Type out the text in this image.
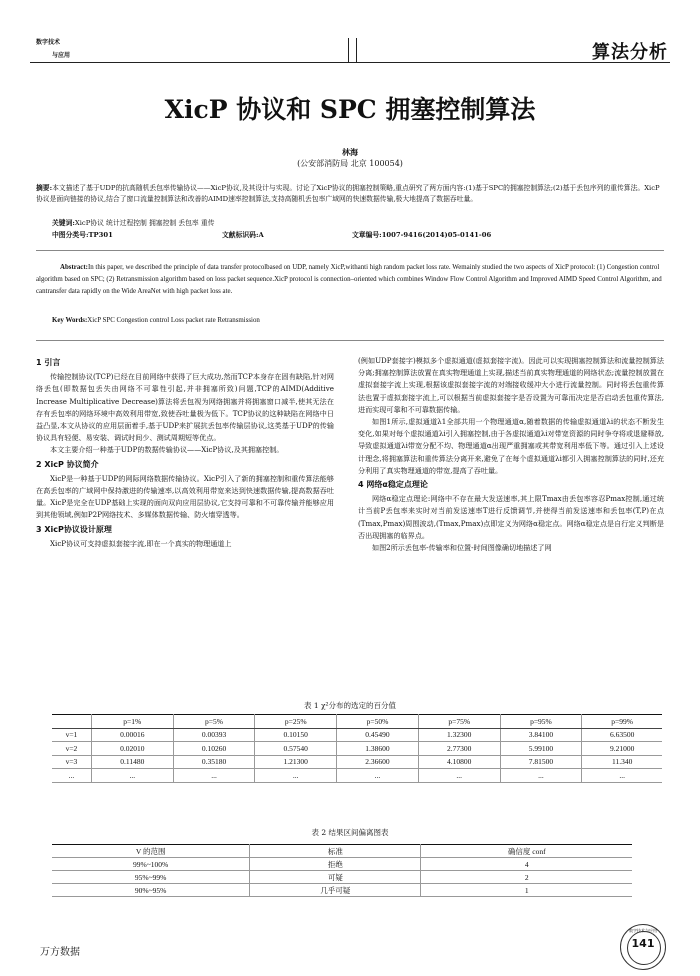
数字技术
与应用	算法分析
XicP 协议和 SPC 拥塞控制算法
林海
(公安部消防局 北京 100054)
摘要:本文描述了基于UDP的抗高随机丢包率传输协议——XicP协议,及其设计与实现。讨论了XicP协议的拥塞控制策略,重点研究了两方面内容:(1)基于SPC的拥塞控制算法;(2)基于丢包序列的重传算法。XicP协议是面向链接的协议,结合了窗口流量控制算法和改善的AIMD速率控制算法,支持高随机丢包率广域网的快速数据传输,极大地提高了数据吞吐量。
关键词:XicP协议 统计过程控制 拥塞控制 丢包率 重传
中图分类号:TP301	文献标识码:A	文章编号:1007-9416(2014)05-0141-06
Abstract:In this paper, we described the principle of data transfer protocolbased on UDP, namely XicP,withanti high random packet loss rate. Wemainly studied the two aspects of XicP protocol: (1) Congestion control algorithm based on SPC; (2) Retransmission algorithm based on loss packet sequence.XicP protocol is connection–oriented which combines Window Flow Control Algorithm and Improved AIMD Speed Control Algorithm, and cantransfer data rapidly on the Wide AreaNet with high packet loss ate.
Key Words:XicP SPC Congestion control Loss packet rate Retransmission
1 引言

传输控制协议(TCP)已经在目前网络中获得了巨大成功,然而TCP本身存在固有缺陷,针对网络丢包(即数据包丢失由网络不可靠性引起,并非拥塞所致)问题,TCP的AIMD(Additive Increase Multiplicative Decrease)算法将丢包视为网络拥塞并将拥塞窗口减半,使其无法在存有丢包率的网络环境中高效利用带宽,致使吞吐量极为低下。TCP协议的这种缺陷在网络中日益凸显,本文从协议的应用层面着手,基于UDP来扩展抗丢包率传输层协议,这类基于UDP的传输协议具有轻便、易安装、调试时间少、测试周期短等优点。

本文主要介绍一种基于UDP的数据传输协议——XicP协议,及其拥塞控制。

2 XicP 协议简介

XicP是一种基于UDP的网际网络数据传输协议。XicP引入了新的拥塞控制和重传算法能够在高丢包率的广域网中保持激进的传输速率,以高效利用带宽来达到快速数据传输,提高数据吞吐量。XicP是完全在UDP基础上实现的面向双向应用层协议,它支持可靠和不可靠传输并能够应用到其他领域,例如P2P网络技术、多媒体数据传输、防火墙穿透等。

3 XicP协议设计原理

XicP协议可支持虚拟套接字流,即在一个真实的物理通道上

(例如UDP套接字)模拟多个虚拟通道(虚拟套接字流)。因此可以实现拥塞控制算法和流量控制算法分离;拥塞控制算法放置在真实物理通道上实现,描述当前真实物理通道的网络状态;流量控制放置在虚拟套接字流上实现,根据该虚拟套接字流的对端接收缓冲大小进行流量控制。同时将丢包重传算法也置于虚拟套接字流上,可以根据当前虚拟套接字是否设置为可靠而决定是否启动丢包重传算法,进而实现可靠和不可靠数据传输。

如图1所示,虚拟通道λ1全部共用一个物理通道α,随着数据的传输虚拟通道λi的状态不断发生变化,如果对每个虚拟通道λi引入拥塞控制,由于各虚拟通道λi对带宽资源的同时争夺将或退避释放,导致虚拟通道λi带宽分配不均、物理通道α出现严重拥塞或其带宽利用率低下等。通过引入上述设计理念,将拥塞算法和重传算法分离开来,避免了在每个虚拟通道λi都引入拥塞控制算法的同时,还充分利用了真实物理通道的带宽,提高了吞吐量。

4 网络α稳定点理论

网络α稳定点理论:网络中不存在最大发送速率,其上限Tmax由丢包率容忍Pmax控制,通过统计当前P丢包率来实时对当前发送速率T进行反馈调节,并使得当前发送速率和丢包率(T,P)在点(Tmax,Pmax)周围波动,(Tmax,Pmax)点即定义为网络α稳定点。网络α稳定点是自行定义判断是否出现拥塞的临界点。

如图2所示丢包率-传输率和位置-时间图像确切地描述了网

表 1 χ²分布的选定的百分值
	p=1%	p=5%	p=25%	p=50%	p=75%	p=95%	p=99%
v=1	0.00016	0.00393	0.10150	0.45490	1.32300	3.84100	6.63500
v=2	0.02010	0.10260	0.57540	1.38600	2.77300	5.99100	9.21000
v=3	0.11480	0.35180	1.21300	2.36600	4.10800	7.81500	11.340
...	...	...	...	...	...	...	...
表 2 结果区间偏离图表
V 的范围	标准	确信度 conf
99%~100%	拒绝	4
95%~99%	可疑	2
90%~95%	几乎可疑	1
万方数据
数字技术与应用
141
